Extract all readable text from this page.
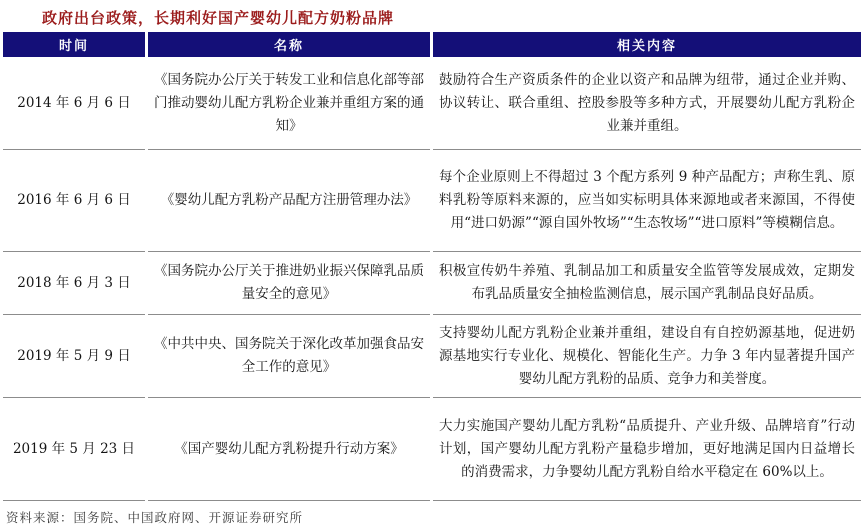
政府出台政策，长期利好国产婴幼儿配方奶粉品牌
时间	名称	相关内容
2014 年 6 月 6 日	《国务院办公厅关于转发工业和信息化部等部门推动婴幼儿配方乳粉企业兼并重组方案的通知》	鼓励符合生产资质条件的企业以资产和品牌为纽带，通过企业并购、协议转让、联合重组、控股参股等多种方式，开展婴幼儿配方乳粉企业兼并重组。
2016 年 6 月 6 日	《婴幼儿配方乳粉产品配方注册管理办法》	每个企业原则上不得超过 3 个配方系列 9 种产品配方；声称生乳、原料乳粉等原料来源的，应当如实标明具体来源地或者来源国，不得使用“进口奶源”“源自国外牧场”“生态牧场”“进口原料”等模糊信息。
2018 年 6 月 3 日	《国务院办公厅关于推进奶业振兴保障乳品质量安全的意见》	积极宣传奶牛养殖、乳制品加工和质量安全监管等发展成效，定期发布乳品质量安全抽检监测信息，展示国产乳制品良好品质。
2019 年 5 月 9 日	《中共中央、国务院关于深化改革加强食品安全工作的意见》	支持婴幼儿配方乳粉企业兼并重组，建设自有自控奶源基地，促进奶源基地实行专业化、规模化、智能化生产。力争 3 年内显著提升国产婴幼儿配方乳粉的品质、竞争力和美誉度。
2019 年 5 月 23 日	《国产婴幼儿配方乳粉提升行动方案》	大力实施国产婴幼儿配方乳粉“品质提升、产业升级、品牌培育”行动计划，国产婴幼儿配方乳粉产量稳步增加，更好地满足国内日益增长的消费需求，力争婴幼儿配方乳粉自给水平稳定在 60%以上。
资料来源：国务院、中国政府网、开源证券研究所
